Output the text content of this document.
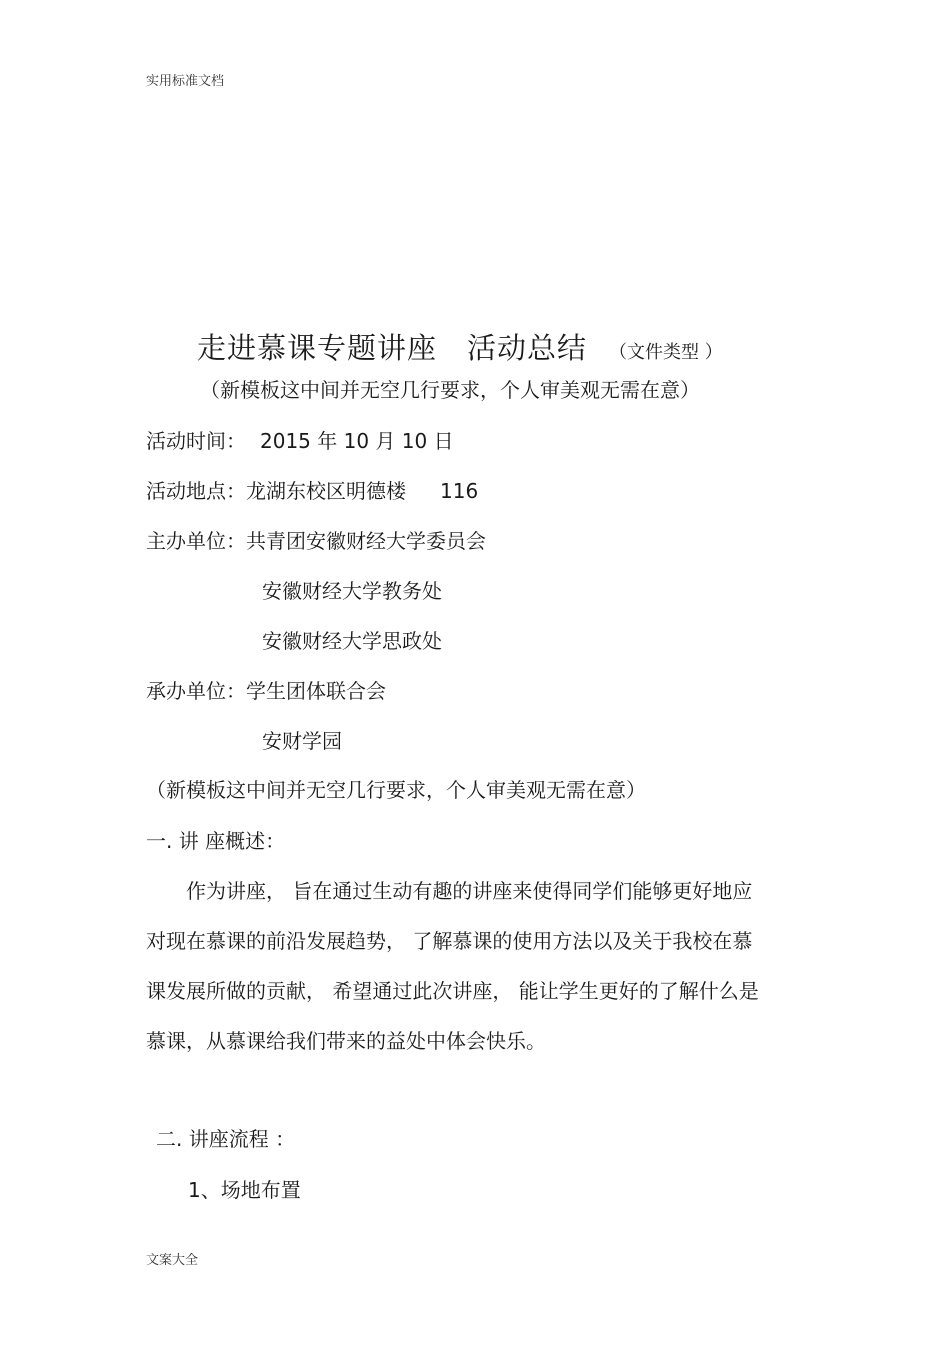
实用标准文档
走进慕课专题讲座 活动总结 （文件类型 ）
（新模板这中间并无空几行要求，个人审美观无需在意）
活动时间： 2015 年 10 月 10 日
活动地点：龙湖东校区明德楼 116
主办单位：共青团安徽财经大学委员会
安徽财经大学教务处
安徽财经大学思政处
承办单位：学生团体联合会
安财学园
（新模板这中间并无空几行要求，个人审美观无需在意）
一. 讲 座概述：
作为讲座， 旨在通过生动有趣的讲座来使得同学们能够更好地应
对现在慕课的前沿发展趋势， 了解慕课的使用方法以及关于我校在慕
课发展所做的贡献， 希望通过此次讲座， 能让学生更好的了解什么是
慕课，从慕课给我们带来的益处中体会快乐。
二. 讲座流程 ：
1、场地布置
文案大全
